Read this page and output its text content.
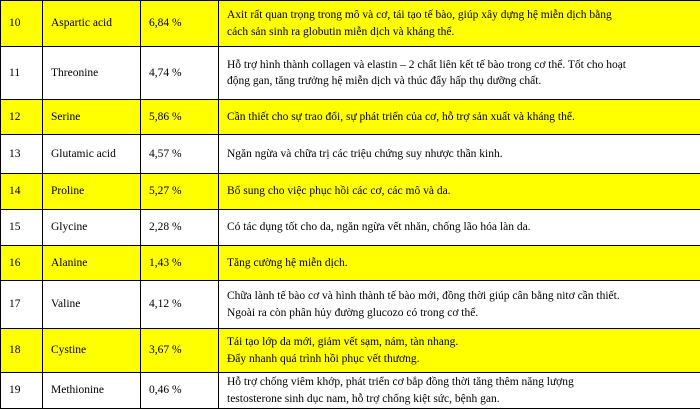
10	Aspartic acid	6,84 %	Axit rất quan trọng trong mô và cơ, tái tạo tế bào, giúp xây dựng hệ miễn dịch bằng
cách sản sinh ra globutin miễn dịch và kháng thể.

11	Threonine	4,74 %	Hỗ trợ hình thành collagen và elastin – 2 chất liên kết tế bào trong cơ thể. Tốt cho hoạt
động gan, tăng trưởng hệ miễn dịch và thúc đẩy hấp thụ dưỡng chất.

12	Serine	5,86 %	Cần thiết cho sự trao đổi, sự phát triển của cơ, hỗ trợ sản xuất và kháng thể.

13	Glutamic acid	4,57 %	Ngăn ngừa và chữa trị các triệu chứng suy nhược thần kinh.

14	Proline	5,27 %	Bổ sung cho việc phục hồi các cơ, các mô và da.

15	Glycine	2,28 %	Có tác dụng tốt cho da, ngăn ngừa vết nhăn, chống lão hóa làn da.

16	Alanine	1,43 %	Tăng cường hệ miễn dịch.

17	Valine	4,12 %	Chữa lành tế bào cơ và hình thành tế bào mới, đồng thời giúp cân bằng nitơ cần thiết.
Ngoài ra còn phân hủy đường glucozo có trong cơ thể.

18	Cystine	3,67 %	Tái tạo lớp da mới, giảm vết sạm, nám, tàn nhang.
Đẩy nhanh quá trình hồi phục vết thương.

19	Methionine	0,46 %	Hỗ trợ chống viêm khớp, phát triển cơ bắp đồng thời tăng thêm năng lượng
testosterone sinh dục nam, hỗ trợ chống kiệt sức, bệnh gan.
